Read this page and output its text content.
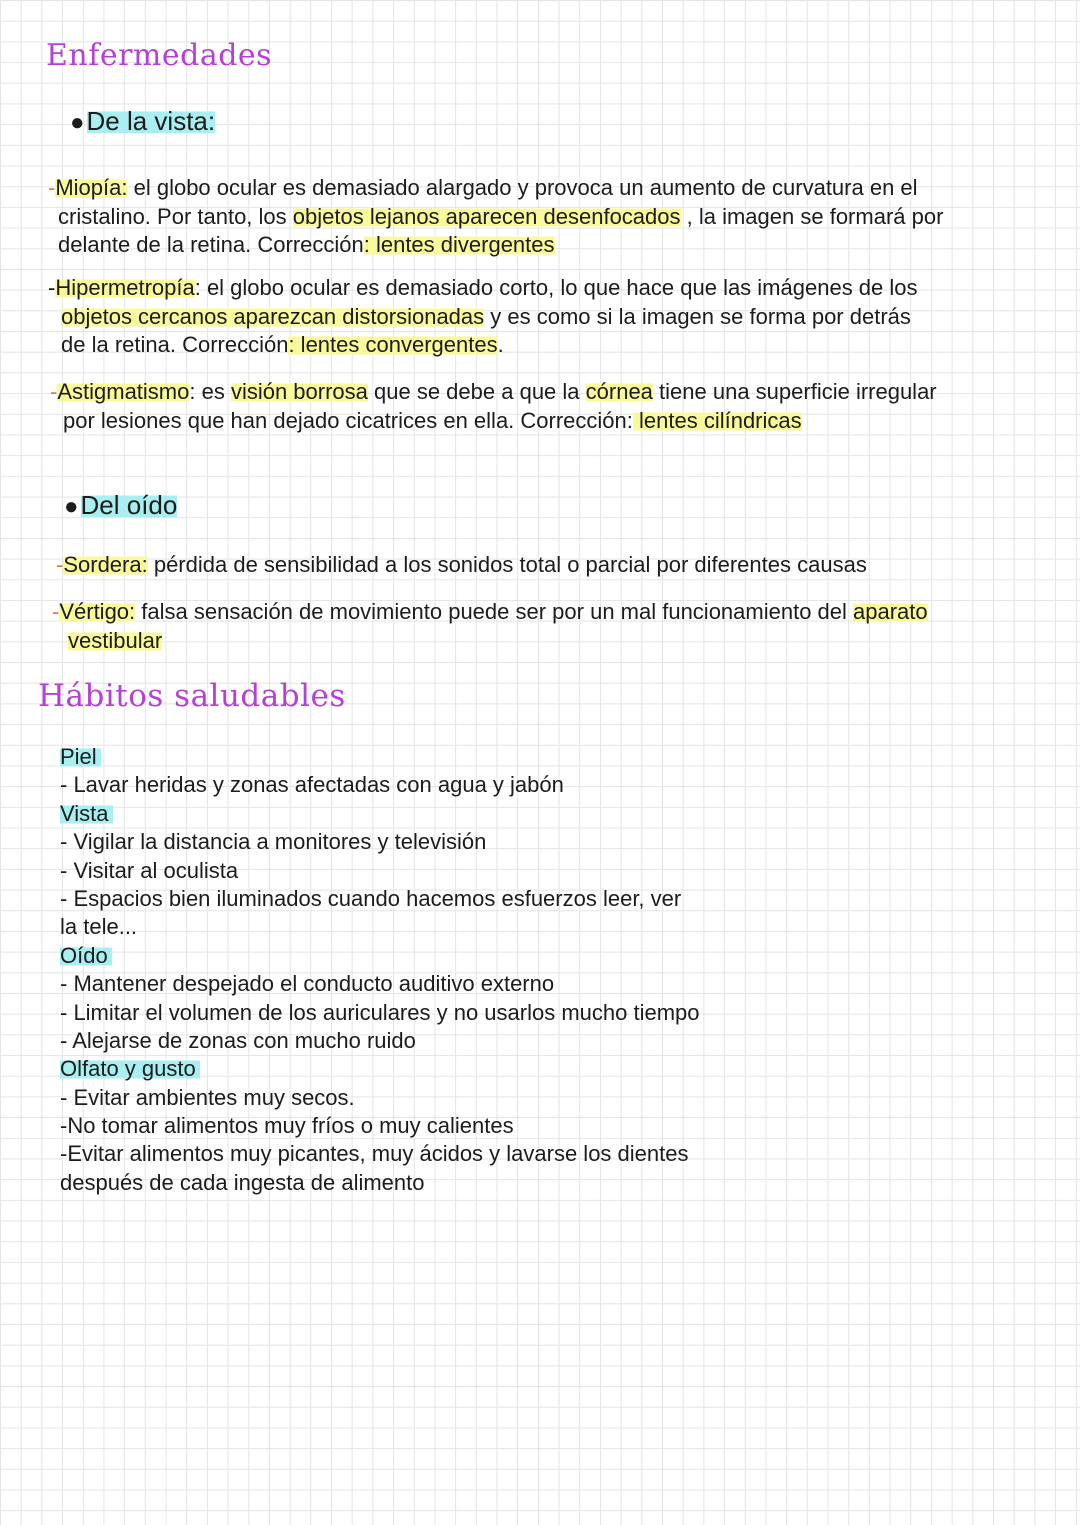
Enfermedades
●De la vista:
-Miopía: el globo ocular es demasiado alargado y provoca un aumento de curvatura en el
cristalino. Por tanto, los objetos lejanos aparecen desenfocados , la imagen se formará por
delante de la retina. Corrección: lentes divergentes
-Hipermetropía: el globo ocular es demasiado corto, lo que hace que las imágenes de los
objetos cercanos aparezcan distorsionadas y es como si la imagen se forma por detrás
de la retina. Corrección: lentes convergentes.
-Astigmatismo: es visión borrosa que se debe a que la córnea tiene una superficie irregular
por lesiones que han dejado cicatrices en ella. Corrección: lentes cilíndricas
●Del oído
-Sordera: pérdida de sensibilidad a los sonidos total o parcial por diferentes causas
-Vértigo: falsa sensación de movimiento puede ser por un mal funcionamiento del aparato
vestibular
Hábitos saludables
Piel
- Lavar heridas y zonas afectadas con agua y jabón
Vista
- Vigilar la distancia a monitores y televisión
- Visitar al oculista
- Espacios bien iluminados cuando hacemos esfuerzos leer, ver
la tele...
Oído
- Mantener despejado el conducto auditivo externo
- Limitar el volumen de los auriculares y no usarlos mucho tiempo
- Alejarse de zonas con mucho ruido
Olfato y gusto
- Evitar ambientes muy secos.
-No tomar alimentos muy fríos o muy calientes
-Evitar alimentos muy picantes, muy ácidos y lavarse los dientes
después de cada ingesta de alimento
